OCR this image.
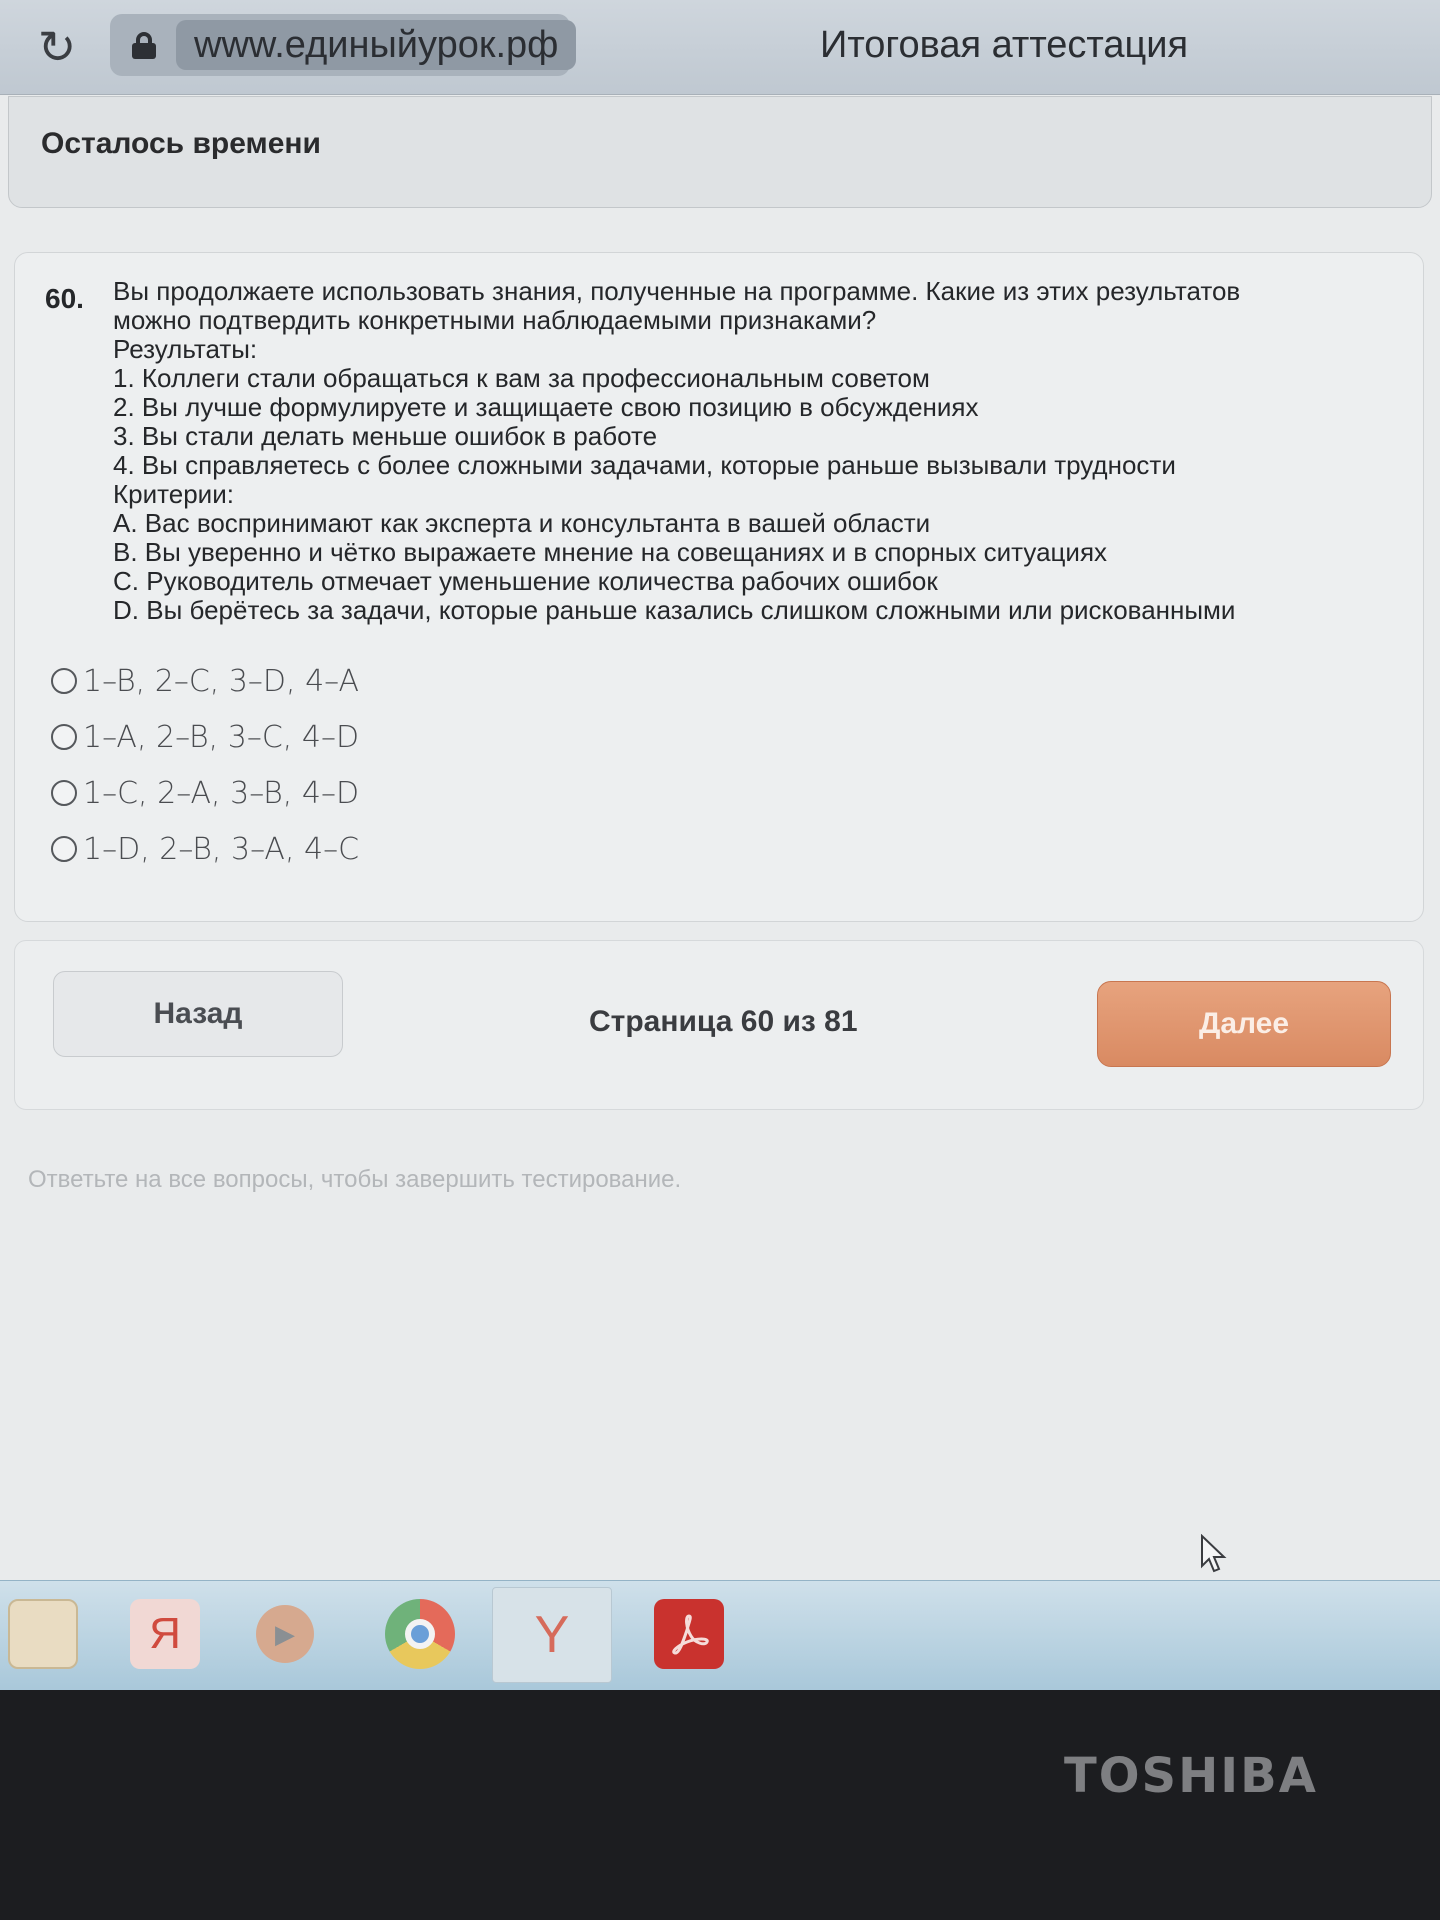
↻	www.единыйурок.рф	Итоговая аттестация
Осталось времени
60. Вы продолжаете использовать знания, полученные на программе. Какие из этих результатов
можно подтвердить конкретными наблюдаемыми признаками?
Результаты:
1. Коллеги стали обращаться к вам за профессиональным советом
2. Вы лучше формулируете и защищаете свою позицию в обсуждениях
3. Вы стали делать меньше ошибок в работе
4. Вы справляетесь с более сложными задачами, которые раньше вызывали трудности
Критерии:
A. Вас воспринимают как эксперта и консультанта в вашей области
B. Вы уверенно и чётко выражаете мнение на совещаниях и в спорных ситуациях
C. Руководитель отмечает уменьшение количества рабочих ошибок
D. Вы берётесь за задачи, которые раньше казались слишком сложными или рискованными
1–B, 2–C, 3–D, 4–A
1–A, 2–B, 3–C, 4–D
1–C, 2–A, 3–B, 4–D
1–D, 2–B, 3–A, 4–C
Назад	Страница 60 из 81	Далее
Ответьте на все вопросы, чтобы завершить тестирование.
Я	▶	Y
TOSHIBA
